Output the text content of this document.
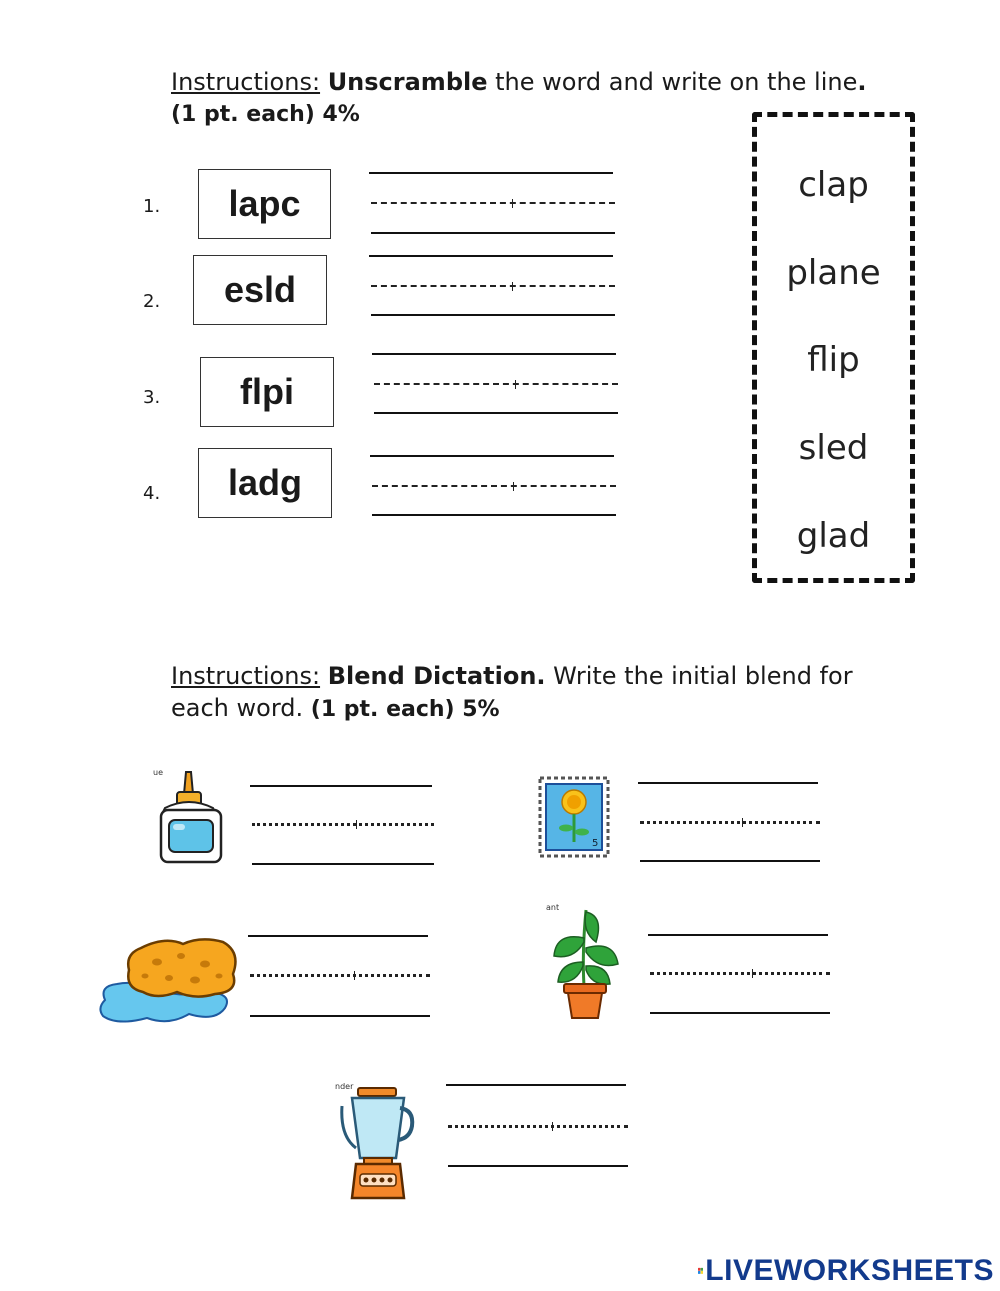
Instructions: Unscramble the word and write on the line.
(1 pt. each) 4%
1.	lapc
2.	esld
3.	flpi
4.	ladg
clap
plane
flip
sled
glad
Instructions: Blend Dictation. Write the initial blend for
each word. (1 pt. each) 5%
ue
5
ant
nder
LIVEWORKSHEETS
